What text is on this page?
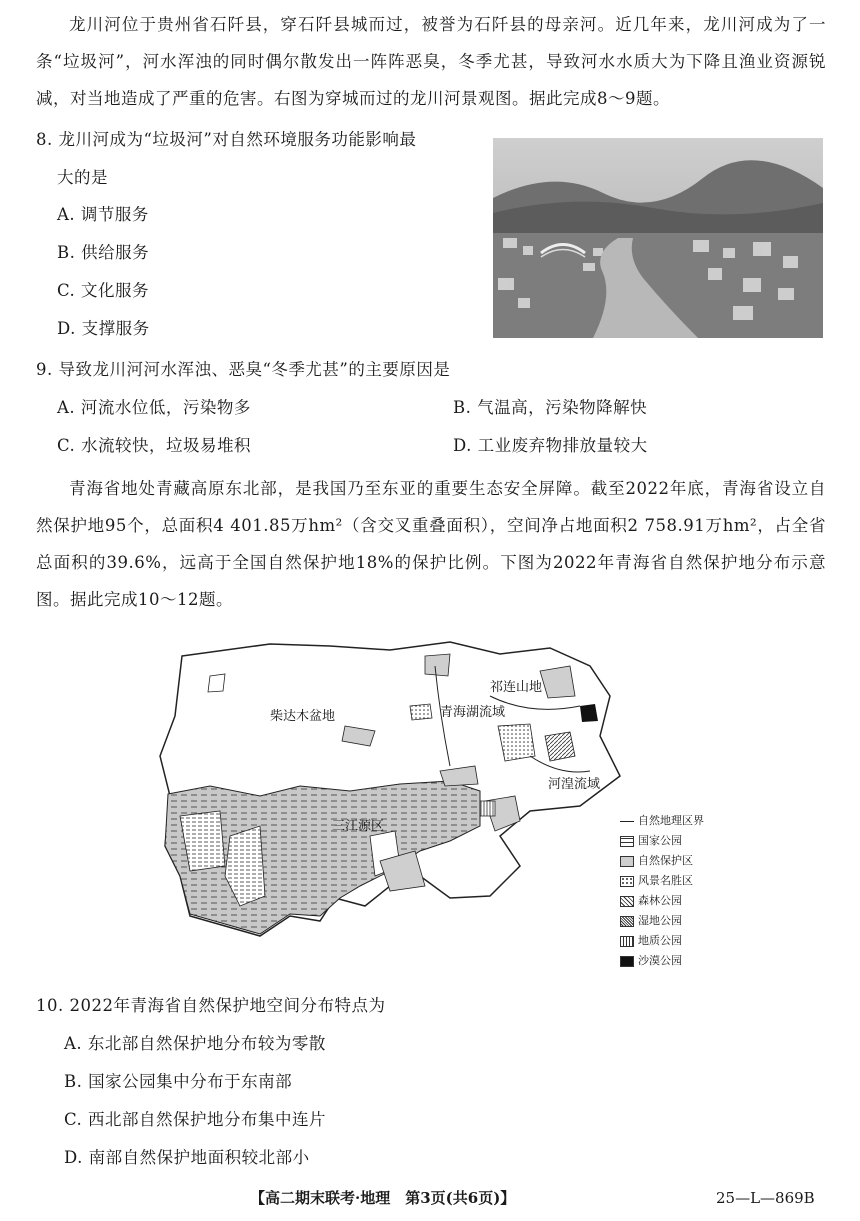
龙川河位于贵州省石阡县，穿石阡县城而过，被誉为石阡县的母亲河。近几年来，龙川河成为了一条“垃圾河”，河水浑浊的同时偶尔散发出一阵阵恶臭，冬季尤甚，导致河水水质大为下降且渔业资源锐减，对当地造成了严重的危害。右图为穿城而过的龙川河景观图。据此完成8～9题。

8. 龙川河成为“垃圾河”对自然环境服务功能影响最
大的是
A. 调节服务
B. 供给服务
C. 文化服务
D. 支撑服务
9. 导致龙川河河水浑浊、恶臭“冬季尤甚”的主要原因是
A. 河流水位低，污染物多	B. 气温高，污染物降解快
C. 水流较快，垃圾易堆积	D. 工业废弃物排放量较大

青海省地处青藏高原东北部，是我国乃至东亚的重要生态安全屏障。截至2022年底，青海省设立自然保护地95个，总面积4 401.85万hm²（含交叉重叠面积），空间净占地面积2 758.91万hm²，占全省总面积的39.6%，远高于全国自然保护地18%的保护比例。下图为2022年青海省自然保护地分布示意图。据此完成10～12题。

柴达木盆地	青海湖流域
祁连山地
河湟流域
三江源区	自然地理区界
国家公园
自然保护区
风景名胜区
森林公园
湿地公园
地质公园
沙漠公园
10. 2022年青海省自然保护地空间分布特点为
A. 东北部自然保护地分布较为零散
B. 国家公园集中分布于东南部
C. 西北部自然保护地分布集中连片
D. 南部自然保护地面积较北部小
【高二期末联考·地理　第3页(共6页)】	25—L—869B
